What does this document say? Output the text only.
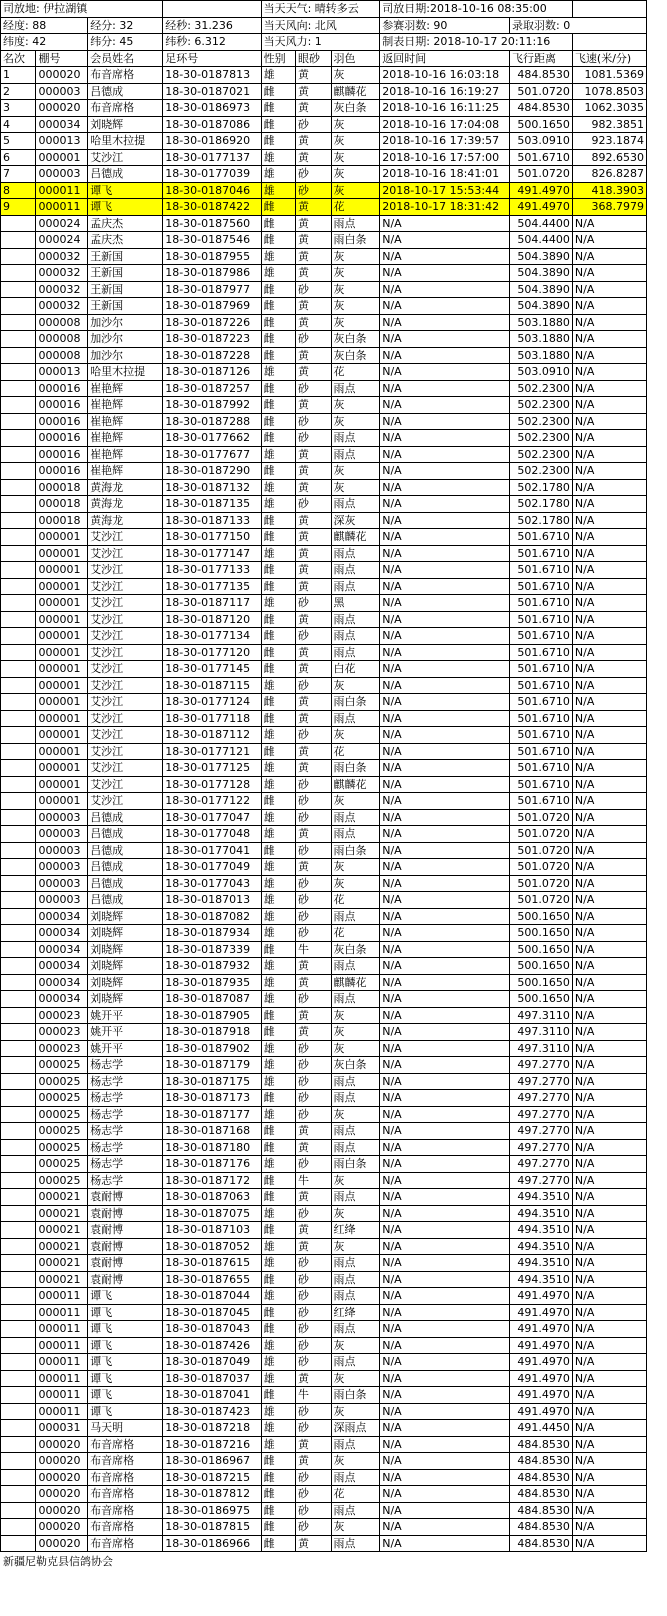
司放地: 伊拉湖镇				当天天气: 晴转多云			司放日期:2018-10-16 08:35:00		
经度: 88		经分: 32	经秒: 31.236	当天风向: 北风			参赛羽数: 90	录取羽数: 0	
纬度: 42		纬分: 45	纬秒: 6.312	当天风力: 1			制表日期: 2018-10-17 20:11:16		
名次	棚号	会员姓名	足环号	性别	眼砂	羽色	返回时间	飞行距离	飞速(米/分)
1	000020	布音席格	18-30-0187813	雄	黄	灰	2018-10-16 16:03:18	484.8530	1081.5369
2	000003	吕德成	18-30-0187021	雌	黄	麒麟花	2018-10-16 16:19:27	501.0720	1078.8503
3	000020	布音席格	18-30-0186973	雌	黄	灰白条	2018-10-16 16:11:25	484.8530	1062.3035
4	000034	刘晓辉	18-30-0187086	雌	砂	灰	2018-10-16 17:04:08	500.1650	982.3851
5	000013	哈里木拉提	18-30-0186920	雌	黄	灰	2018-10-16 17:39:57	503.0910	923.1874
6	000001	艾沙江	18-30-0177137	雄	黄	灰	2018-10-16 17:57:00	501.6710	892.6530
7	000003	吕德成	18-30-0177039	雄	砂	灰	2018-10-16 18:41:01	501.0720	826.8287
8	000011	谭飞	18-30-0187046	雄	砂	灰	2018-10-17 15:53:44	491.4970	418.3903
9	000011	谭飞	18-30-0187422	雌	黄	花	2018-10-17 18:31:42	491.4970	368.7979
	000024	孟庆杰	18-30-0187560	雌	黄	雨点	N/A	504.4400	N/A
	000024	孟庆杰	18-30-0187546	雌	黄	雨白条	N/A	504.4400	N/A
	000032	王新国	18-30-0187955	雄	黄	灰	N/A	504.3890	N/A
	000032	王新国	18-30-0187986	雄	黄	灰	N/A	504.3890	N/A
	000032	王新国	18-30-0187977	雌	砂	灰	N/A	504.3890	N/A
	000032	王新国	18-30-0187969	雌	黄	灰	N/A	504.3890	N/A
	000008	加沙尔	18-30-0187226	雌	黄	灰	N/A	503.1880	N/A
	000008	加沙尔	18-30-0187223	雌	砂	灰白条	N/A	503.1880	N/A
	000008	加沙尔	18-30-0187228	雌	黄	灰白条	N/A	503.1880	N/A
	000013	哈里木拉提	18-30-0187126	雄	黄	花	N/A	503.0910	N/A
	000016	崔艳辉	18-30-0187257	雌	砂	雨点	N/A	502.2300	N/A
	000016	崔艳辉	18-30-0187992	雌	黄	灰	N/A	502.2300	N/A
	000016	崔艳辉	18-30-0187288	雌	砂	灰	N/A	502.2300	N/A
	000016	崔艳辉	18-30-0177662	雌	砂	雨点	N/A	502.2300	N/A
	000016	崔艳辉	18-30-0177677	雄	黄	雨点	N/A	502.2300	N/A
	000016	崔艳辉	18-30-0187290	雌	黄	灰	N/A	502.2300	N/A
	000018	黄海龙	18-30-0187132	雄	黄	灰	N/A	502.1780	N/A
	000018	黄海龙	18-30-0187135	雄	砂	雨点	N/A	502.1780	N/A
	000018	黄海龙	18-30-0187133	雌	黄	深灰	N/A	502.1780	N/A
	000001	艾沙江	18-30-0177150	雌	黄	麒麟花	N/A	501.6710	N/A
	000001	艾沙江	18-30-0177147	雄	黄	雨点	N/A	501.6710	N/A
	000001	艾沙江	18-30-0177133	雌	黄	雨点	N/A	501.6710	N/A
	000001	艾沙江	18-30-0177135	雌	黄	雨点	N/A	501.6710	N/A
	000001	艾沙江	18-30-0187117	雄	砂	黑	N/A	501.6710	N/A
	000001	艾沙江	18-30-0187120	雌	黄	雨点	N/A	501.6710	N/A
	000001	艾沙江	18-30-0177134	雌	砂	雨点	N/A	501.6710	N/A
	000001	艾沙江	18-30-0177120	雌	黄	雨点	N/A	501.6710	N/A
	000001	艾沙江	18-30-0177145	雌	黄	白花	N/A	501.6710	N/A
	000001	艾沙江	18-30-0187115	雄	砂	灰	N/A	501.6710	N/A
	000001	艾沙江	18-30-0177124	雌	黄	雨白条	N/A	501.6710	N/A
	000001	艾沙江	18-30-0177118	雌	黄	雨点	N/A	501.6710	N/A
	000001	艾沙江	18-30-0187112	雄	砂	灰	N/A	501.6710	N/A
	000001	艾沙江	18-30-0177121	雌	黄	花	N/A	501.6710	N/A
	000001	艾沙江	18-30-0177125	雄	黄	雨白条	N/A	501.6710	N/A
	000001	艾沙江	18-30-0177128	雄	砂	麒麟花	N/A	501.6710	N/A
	000001	艾沙江	18-30-0177122	雌	砂	灰	N/A	501.6710	N/A
	000003	吕德成	18-30-0177047	雄	砂	雨点	N/A	501.0720	N/A
	000003	吕德成	18-30-0177048	雄	黄	雨点	N/A	501.0720	N/A
	000003	吕德成	18-30-0177041	雌	砂	雨白条	N/A	501.0720	N/A
	000003	吕德成	18-30-0177049	雄	黄	灰	N/A	501.0720	N/A
	000003	吕德成	18-30-0177043	雄	砂	灰	N/A	501.0720	N/A
	000003	吕德成	18-30-0187013	雄	砂	花	N/A	501.0720	N/A
	000034	刘晓辉	18-30-0187082	雄	砂	雨点	N/A	500.1650	N/A
	000034	刘晓辉	18-30-0187934	雄	砂	花	N/A	500.1650	N/A
	000034	刘晓辉	18-30-0187339	雌	牛	灰白条	N/A	500.1650	N/A
	000034	刘晓辉	18-30-0187932	雄	黄	雨点	N/A	500.1650	N/A
	000034	刘晓辉	18-30-0187935	雄	黄	麒麟花	N/A	500.1650	N/A
	000034	刘晓辉	18-30-0187087	雄	砂	雨点	N/A	500.1650	N/A
	000023	姚开平	18-30-0187905	雌	黄	灰	N/A	497.3110	N/A
	000023	姚开平	18-30-0187918	雌	黄	灰	N/A	497.3110	N/A
	000023	姚开平	18-30-0187902	雄	砂	灰	N/A	497.3110	N/A
	000025	杨志学	18-30-0187179	雄	砂	灰白条	N/A	497.2770	N/A
	000025	杨志学	18-30-0187175	雄	砂	雨点	N/A	497.2770	N/A
	000025	杨志学	18-30-0187173	雌	砂	雨点	N/A	497.2770	N/A
	000025	杨志学	18-30-0187177	雄	砂	灰	N/A	497.2770	N/A
	000025	杨志学	18-30-0187168	雌	黄	雨点	N/A	497.2770	N/A
	000025	杨志学	18-30-0187180	雌	黄	雨点	N/A	497.2770	N/A
	000025	杨志学	18-30-0187176	雄	砂	雨白条	N/A	497.2770	N/A
	000025	杨志学	18-30-0187172	雌	牛	灰	N/A	497.2770	N/A
	000021	袁耐博	18-30-0187063	雌	黄	雨点	N/A	494.3510	N/A
	000021	袁耐博	18-30-0187075	雄	砂	灰	N/A	494.3510	N/A
	000021	袁耐博	18-30-0187103	雌	黄	红绛	N/A	494.3510	N/A
	000021	袁耐博	18-30-0187052	雄	黄	灰	N/A	494.3510	N/A
	000021	袁耐博	18-30-0187615	雄	砂	雨点	N/A	494.3510	N/A
	000021	袁耐博	18-30-0187655	雌	砂	雨点	N/A	494.3510	N/A
	000011	谭飞	18-30-0187044	雄	砂	雨点	N/A	491.4970	N/A
	000011	谭飞	18-30-0187045	雌	砂	红绛	N/A	491.4970	N/A
	000011	谭飞	18-30-0187043	雌	砂	雨点	N/A	491.4970	N/A
	000011	谭飞	18-30-0187426	雄	砂	灰	N/A	491.4970	N/A
	000011	谭飞	18-30-0187049	雄	砂	雨点	N/A	491.4970	N/A
	000011	谭飞	18-30-0187037	雄	黄	灰	N/A	491.4970	N/A
	000011	谭飞	18-30-0187041	雌	牛	雨白条	N/A	491.4970	N/A
	000011	谭飞	18-30-0187423	雄	砂	灰	N/A	491.4970	N/A
	000031	马天明	18-30-0187218	雄	砂	深雨点	N/A	491.4450	N/A
	000020	布音席格	18-30-0187216	雄	黄	雨点	N/A	484.8530	N/A
	000020	布音席格	18-30-0186967	雌	黄	灰	N/A	484.8530	N/A
	000020	布音席格	18-30-0187215	雌	砂	雨点	N/A	484.8530	N/A
	000020	布音席格	18-30-0187812	雌	砂	花	N/A	484.8530	N/A
	000020	布音席格	18-30-0186975	雌	砂	雨点	N/A	484.8530	N/A
	000020	布音席格	18-30-0187815	雌	砂	灰	N/A	484.8530	N/A
	000020	布音席格	18-30-0186966	雌	黄	雨点	N/A	484.8530	N/A
新疆尼勒克县信鸽协会
